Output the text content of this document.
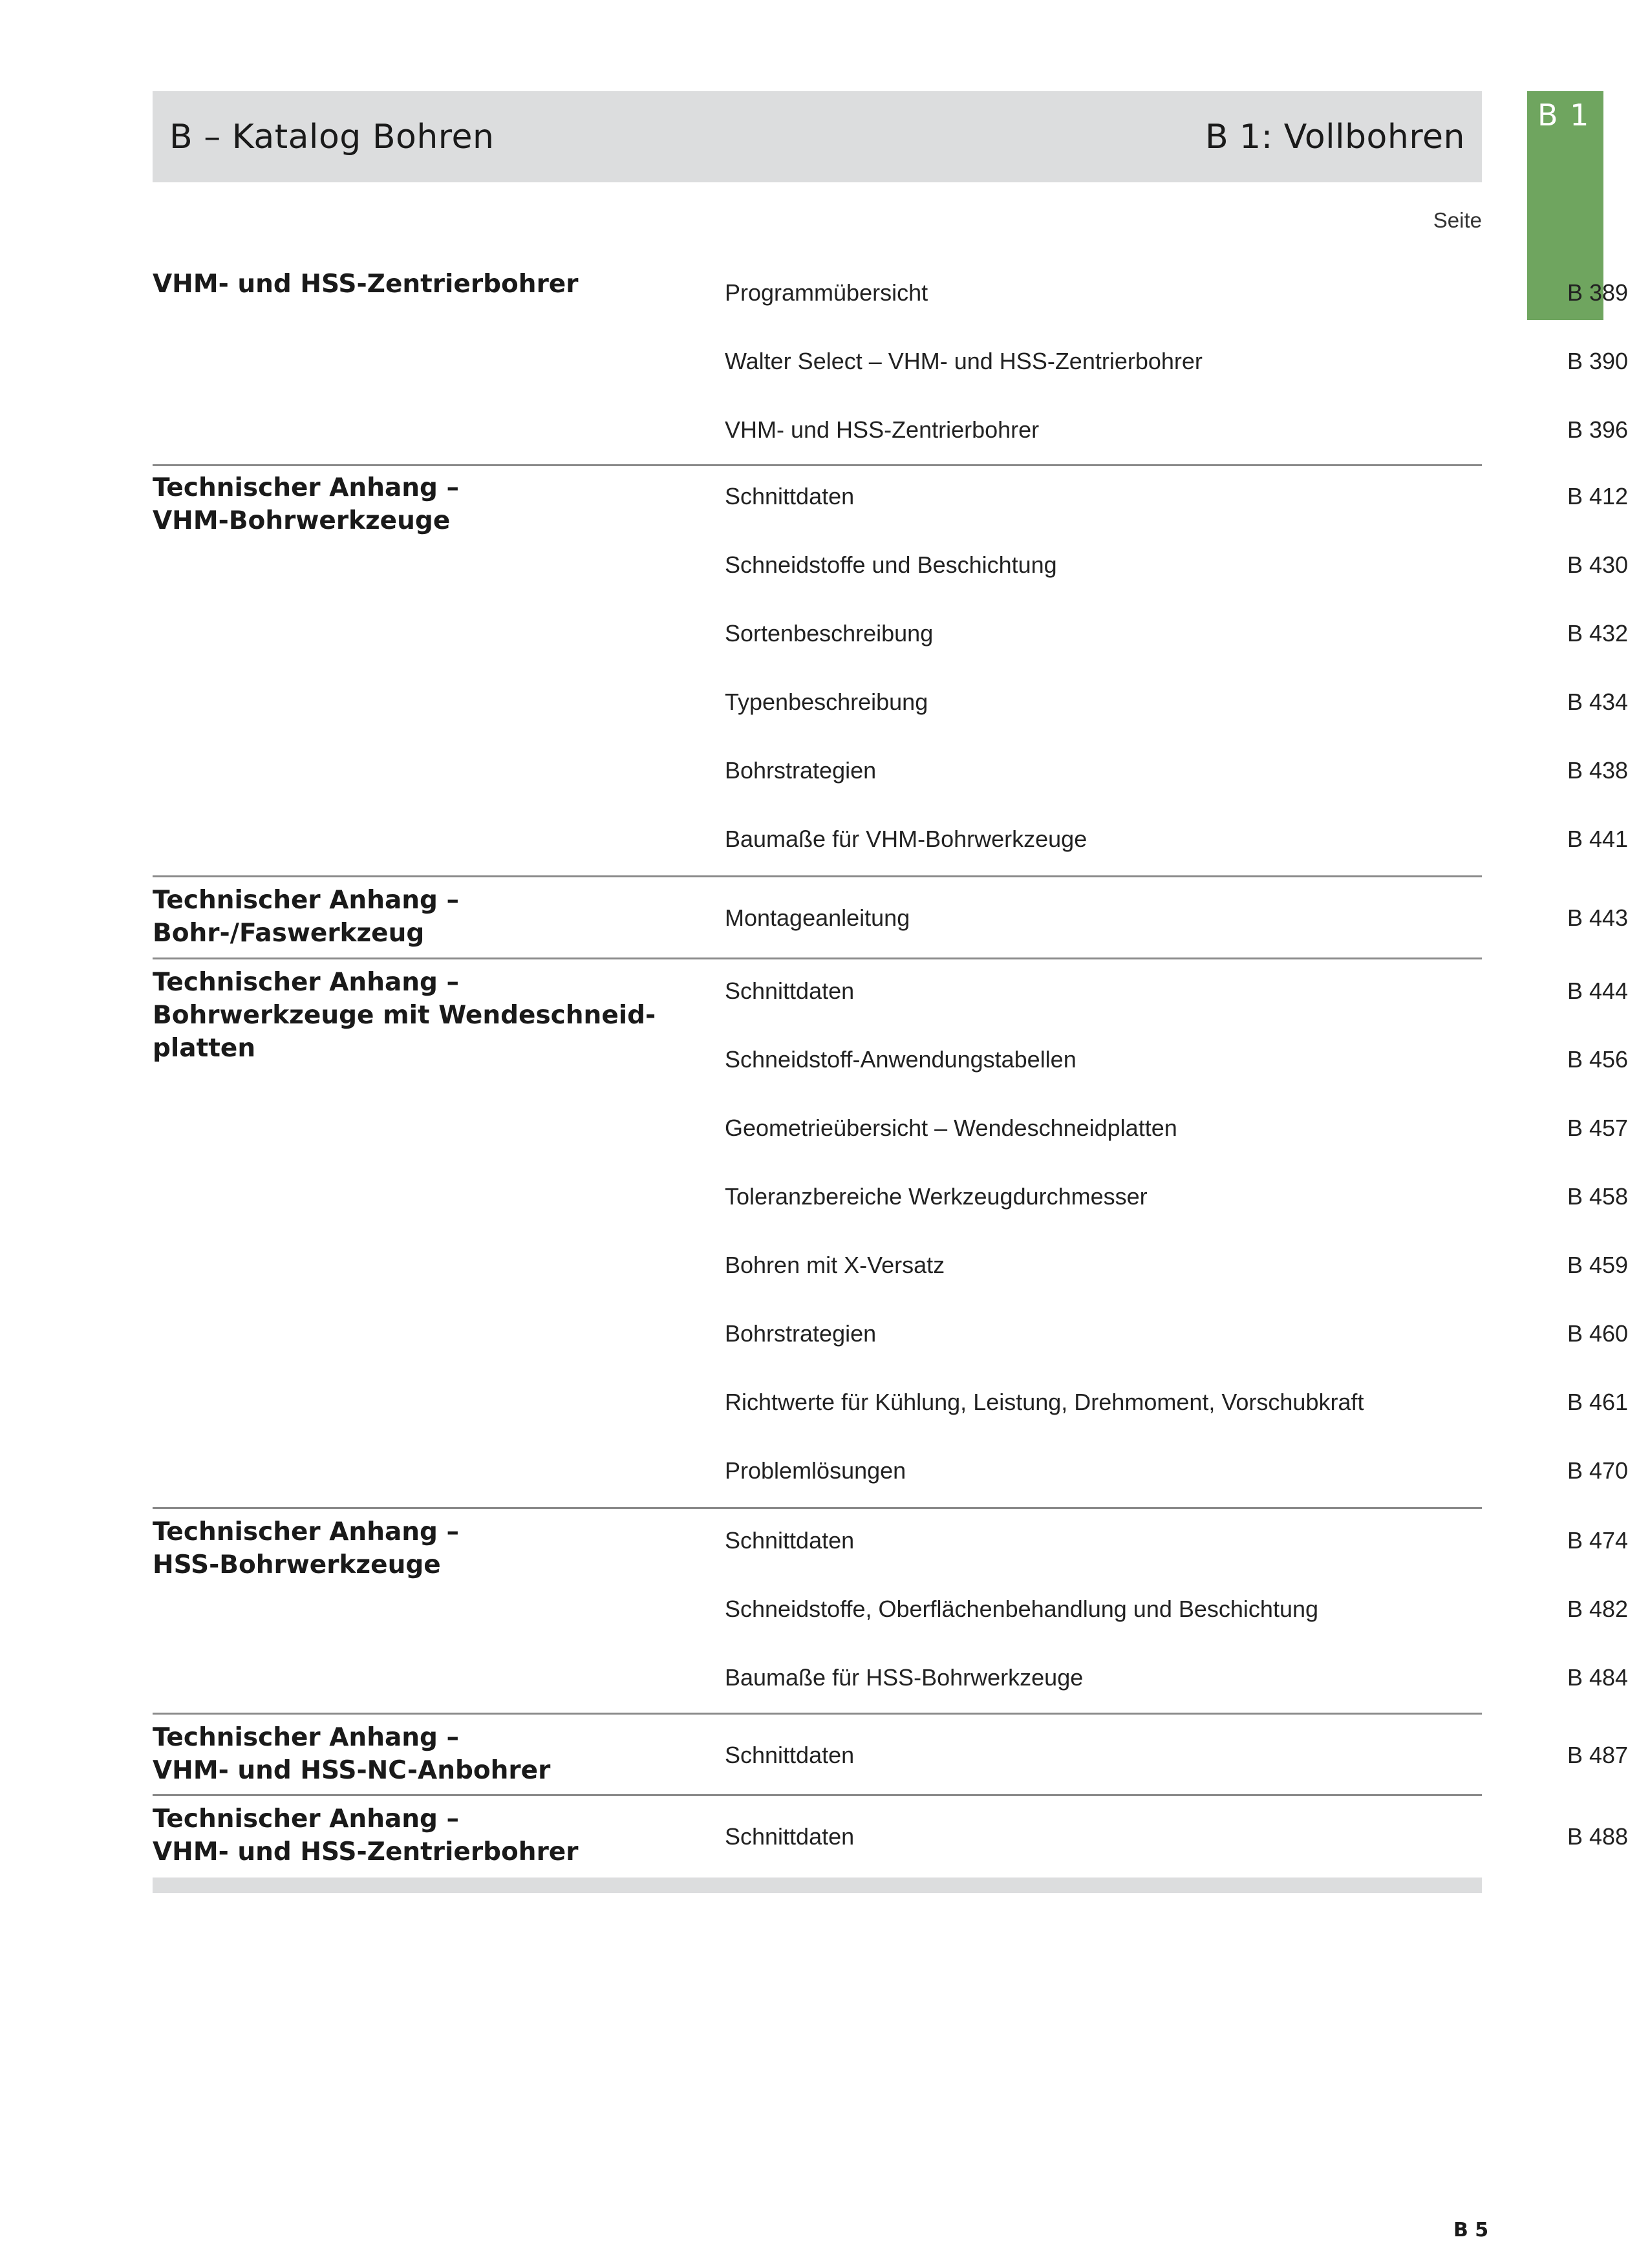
B – Katalog Bohren	B 1: Vollbohren
B 1
Seite
VHM- und HSS-Zentrierbohrer	Programmübersicht	B 389
Walter Select – VHM- und HSS-Zentrierbohrer	B 390
VHM- und HSS-Zentrierbohrer	B 396
Technischer Anhang –
VHM-Bohrwerkzeuge
Schnittdaten	B 412
Schneidstoffe und Beschichtung	B 430
Sortenbeschreibung	B 432
Typenbeschreibung	B 434
Bohrstrategien	B 438
Baumaße für VHM-Bohrwerkzeuge	B 441
Technischer Anhang –
Bohr-/Faswerkzeug
Montageanleitung	B 443
Technischer Anhang –
Bohrwerkzeuge mit Wendeschneid-
platten
Schnittdaten	B 444
Schneidstoff-Anwendungstabellen	B 456
Geometrieübersicht – Wendeschneidplatten	B 457
Toleranzbereiche Werkzeugdurchmesser	B 458
Bohren mit X-Versatz	B 459
Bohrstrategien	B 460
Richtwerte für Kühlung, Leistung, Drehmoment, Vorschubkraft	B 461
Problemlösungen	B 470
Technischer Anhang –
HSS-Bohrwerkzeuge
Schnittdaten	B 474
Schneidstoffe, Oberflächenbehandlung und Beschichtung	B 482
Baumaße für HSS-Bohrwerkzeuge	B 484
Technischer Anhang –
VHM- und HSS-NC-Anbohrer
Schnittdaten	B 487
Technischer Anhang –
VHM- und HSS-Zentrierbohrer
Schnittdaten	B 488
B 5
